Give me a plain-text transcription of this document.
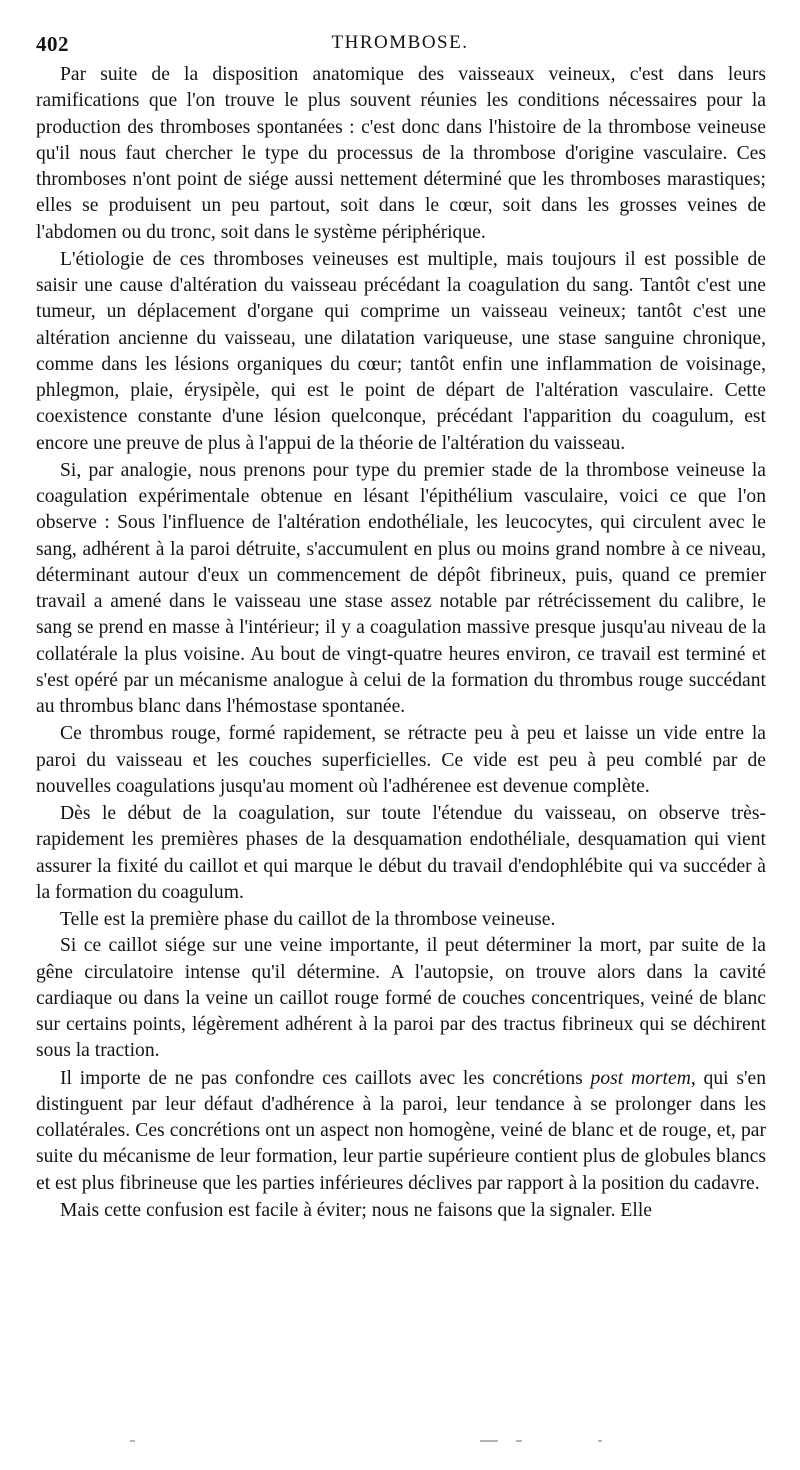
402	THROMBOSE.

Par suite de la disposition anatomique des vaisseaux veineux, c'est dans leurs ramifications que l'on trouve le plus souvent réunies les conditions nécessaires pour la production des thromboses spontanées : c'est donc dans l'histoire de la thrombose veineuse qu'il nous faut chercher le type du processus de la thrombose d'origine vasculaire. Ces thromboses n'ont point de siége aussi nettement déterminé que les thromboses marastiques; elles se produisent un peu partout, soit dans le cœur, soit dans les grosses veines de l'abdomen ou du tronc, soit dans le système périphérique.

L'étiologie de ces thromboses veineuses est multiple, mais toujours il est possible de saisir une cause d'altération du vaisseau précédant la coagulation du sang. Tantôt c'est une tumeur, un déplacement d'organe qui comprime un vaisseau veineux; tantôt c'est une altération ancienne du vaisseau, une dilatation variqueuse, une stase sanguine chronique, comme dans les lésions organiques du cœur; tantôt enfin une inflammation de voisinage, phlegmon, plaie, érysipèle, qui est le point de départ de l'altération vasculaire. Cette coexistence constante d'une lésion quelconque, précédant l'apparition du coagulum, est encore une preuve de plus à l'appui de la théorie de l'altération du vaisseau.

Si, par analogie, nous prenons pour type du premier stade de la thrombose veineuse la coagulation expérimentale obtenue en lésant l'épithélium vasculaire, voici ce que l'on observe : Sous l'influence de l'altération endothéliale, les leucocytes, qui circulent avec le sang, adhérent à la paroi détruite, s'accumulent en plus ou moins grand nombre à ce niveau, déterminant autour d'eux un commencement de dépôt fibrineux, puis, quand ce premier travail a amené dans le vaisseau une stase assez notable par rétrécissement du calibre, le sang se prend en masse à l'intérieur; il y a coagulation massive presque jusqu'au niveau de la collatérale la plus voisine. Au bout de vingt-quatre heures environ, ce travail est terminé et s'est opéré par un mécanisme analogue à celui de la formation du thrombus rouge succédant au thrombus blanc dans l'hémostase spontanée.

Ce thrombus rouge, formé rapidement, se rétracte peu à peu et laisse un vide entre la paroi du vaisseau et les couches superficielles. Ce vide est peu à peu comblé par de nouvelles coagulations jusqu'au moment où l'adhérenee est devenue complète.

Dès le début de la coagulation, sur toute l'étendue du vaisseau, on observe très-rapidement les premières phases de la desquamation endothéliale, desquamation qui vient assurer la fixité du caillot et qui marque le début du travail d'endophlébite qui va succéder à la formation du coagulum.

Telle est la première phase du caillot de la thrombose veineuse.

Si ce caillot siége sur une veine importante, il peut déterminer la mort, par suite de la gêne circulatoire intense qu'il détermine. A l'autopsie, on trouve alors dans la cavité cardiaque ou dans la veine un caillot rouge formé de couches concentriques, veiné de blanc sur certains points, légèrement adhérent à la paroi par des tractus fibrineux qui se déchirent sous la traction.

Il importe de ne pas confondre ces caillots avec les concrétions post mortem, qui s'en distinguent par leur défaut d'adhérence à la paroi, leur tendance à se prolonger dans les collatérales. Ces concrétions ont un aspect non homogène, veiné de blanc et de rouge, et, par suite du mécanisme de leur formation, leur partie supérieure contient plus de globules blancs et est plus fibrineuse que les parties inférieures déclives par rapport à la position du cadavre.

Mais cette confusion est facile à éviter; nous ne faisons que la signaler. Elle
